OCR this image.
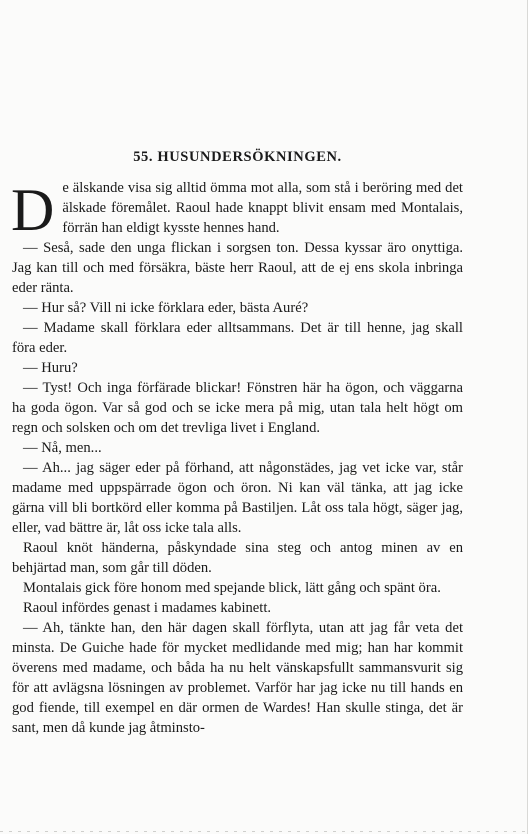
55. HUSUNDERSÖKNINGEN.

De älskande visa sig alltid ömma mot alla, som stå i beröring med det älskade föremålet. Raoul hade knappt blivit ensam med Montalais, förrän han eldigt kysste hennes hand.

— Seså, sade den unga flickan i sorgsen ton. Dessa kyssar äro onyttiga. Jag kan till och med försäkra, bäste herr Raoul, att de ej ens skola inbringa eder ränta.

— Hur så? Vill ni icke förklara eder, bästa Auré?

— Madame skall förklara eder alltsammans. Det är till henne, jag skall föra eder.

— Huru?

— Tyst! Och inga förfärade blickar! Fönstren här ha ögon, och väggarna ha goda ögon. Var så god och se icke mera på mig, utan tala helt högt om regn och solsken och om det trevliga livet i England.

— Nå, men...

— Ah... jag säger eder på förhand, att någonstädes, jag vet icke var, står madame med uppspärrade ögon och öron. Ni kan väl tänka, att jag icke gärna vill bli bortkörd eller komma på Bastiljen. Låt oss tala högt, säger jag, eller, vad bättre är, låt oss icke tala alls.

Raoul knöt händerna, påskyndade sina steg och antog minen av en behjärtad man, som går till döden.

Montalais gick före honom med spejande blick, lätt gång och spänt öra.

Raoul infördes genast i madames kabinett.

— Ah, tänkte han, den här dagen skall förflyta, utan att jag får veta det minsta. De Guiche hade för mycket medlidande med mig; han har kommit överens med madame, och båda ha nu helt vänskapsfullt sammansvurit sig för att avlägsna lösningen av problemet. Varför har jag icke nu till hands en god fiende, till exempel en där ormen de Wardes! Han skulle stinga, det är sant, men då kunde jag åtminsto-
